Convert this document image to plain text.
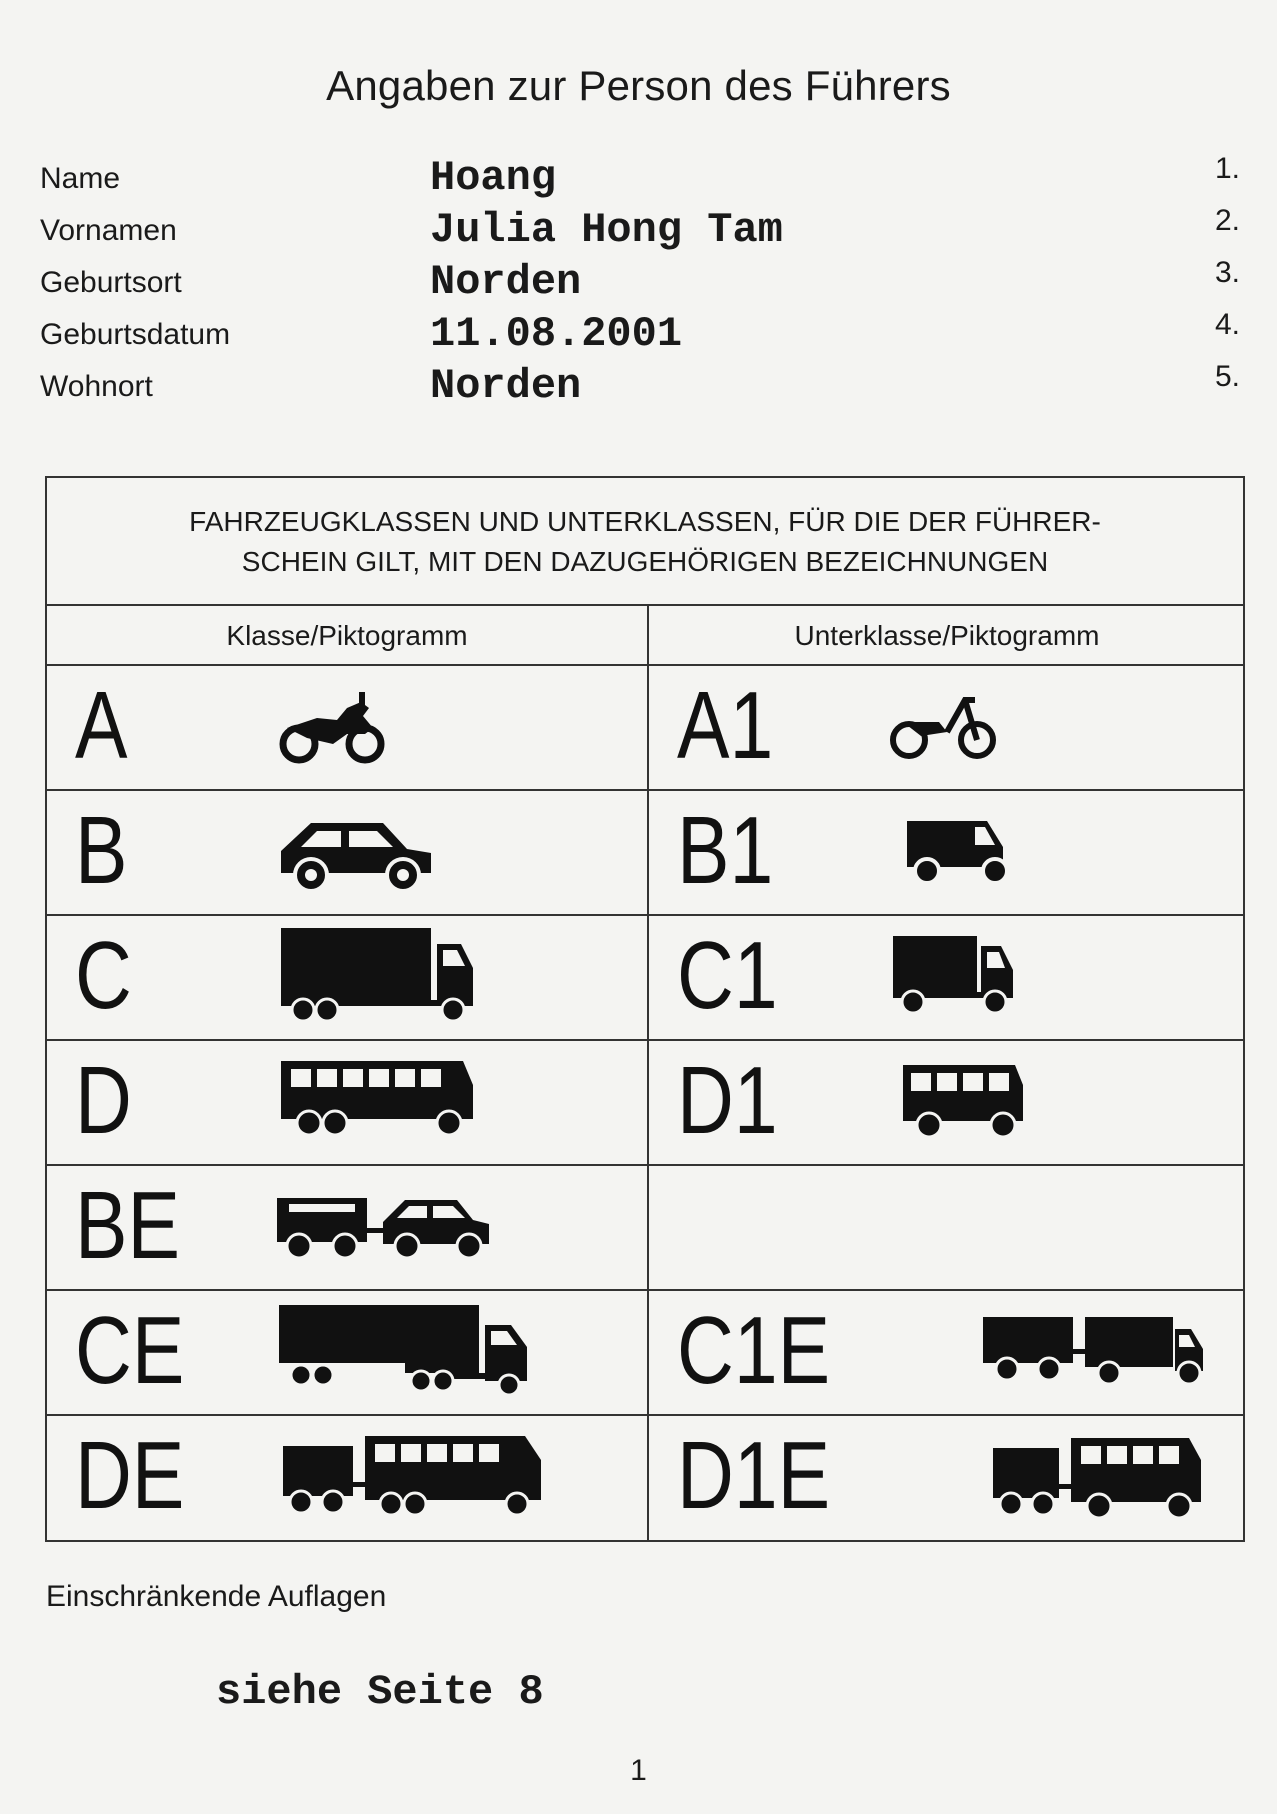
Angaben zur Person des Führers
Name	Hoang	1.
Vornamen	Julia Hong Tam	2.
Geburtsort	Norden	3.
Geburtsdatum	11.08.2001	4.
Wohnort	Norden	5.
FAHRZEUGKLASSEN UND UNTERKLASSEN, FÜR DIE DER FÜHRER-
SCHEIN GILT, MIT DEN DAZUGEHÖRIGEN BEZEICHNUNGEN
Klasse/Piktogramm	Unterklasse/Piktogramm
A	A1
B	B1
C	C1
D	D1
BE
CE	C1E
DE	D1E
Einschränkende Auflagen
siehe Seite 8
1
